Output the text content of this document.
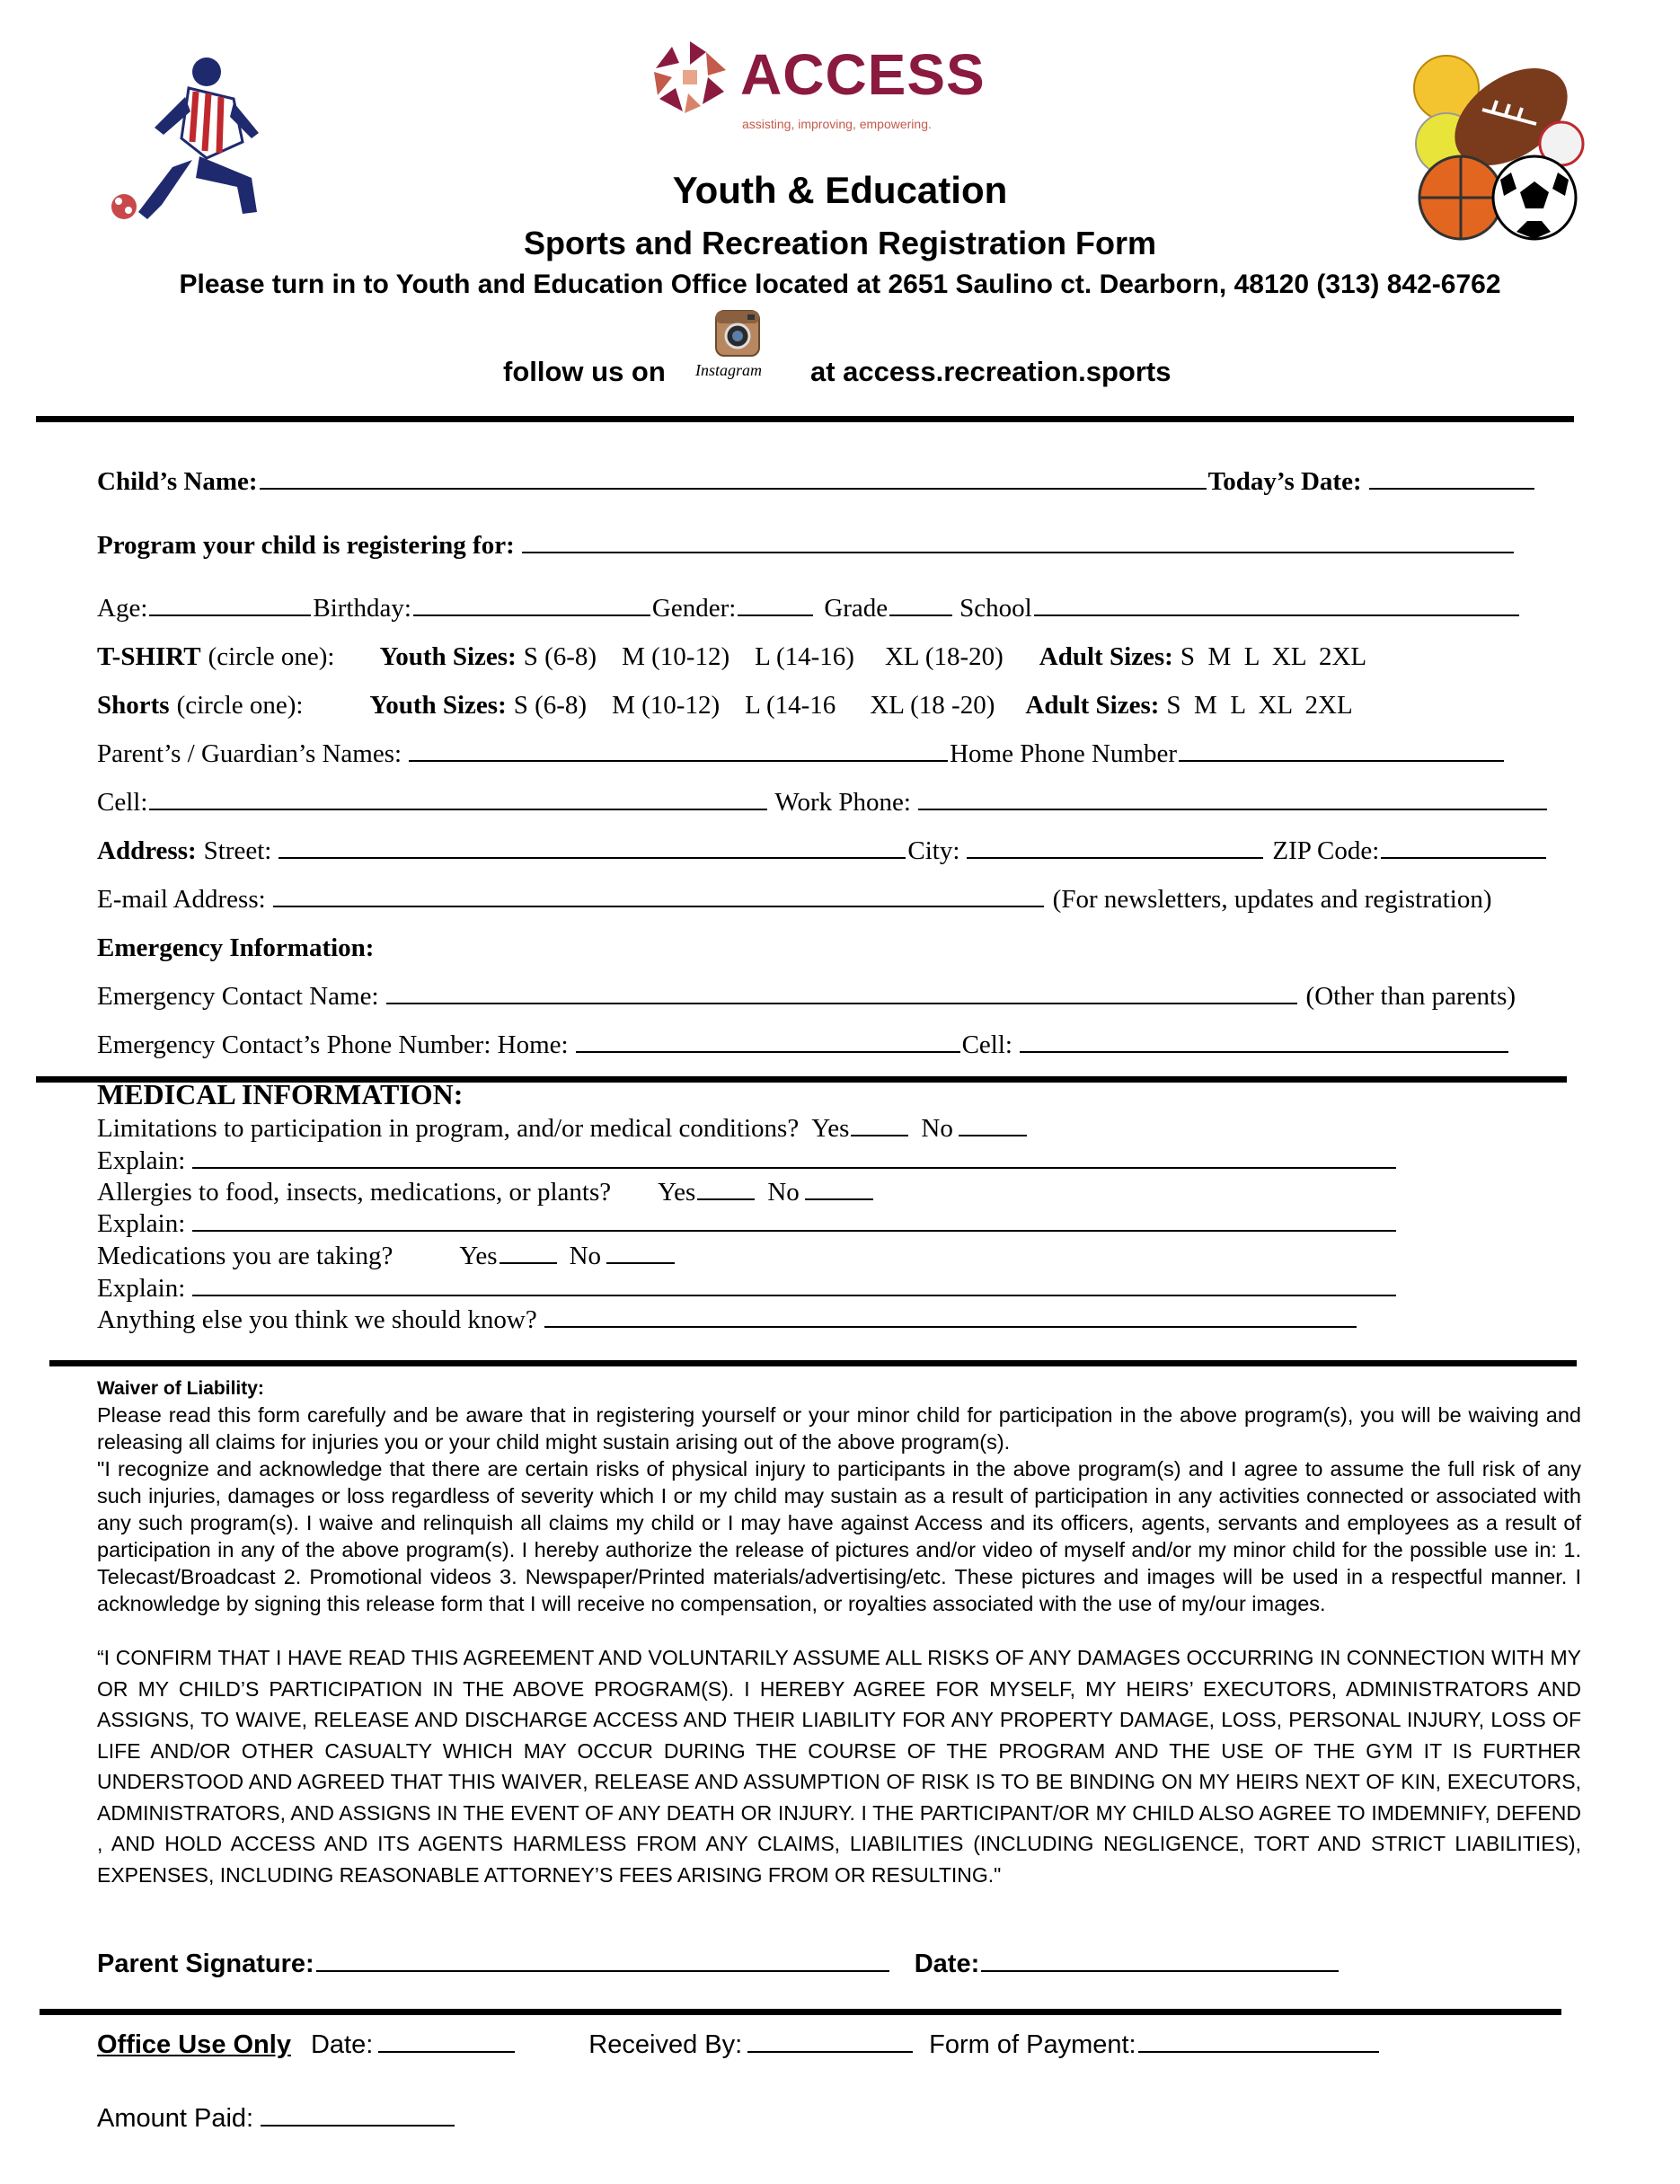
ACCESS
assisting, improving, empowering.
Youth & Education
Sports and Recreation Registration Form
Please turn in to Youth and Education Office located at 2651 Saulino ct. Dearborn, 48120 (313) 842-6762
follow us on Instagram at access.recreation.sports
Child’s Name:	Today’s Date:
Program your child is registering for:
Age:	Birthday:	Gender:	Grade	School
T-SHIRT (circle one): Youth Sizes: S (6-8) M (10-12) L (14-16) XL (18-20) Adult Sizes: S  M  L  XL  2XL
Shorts (circle one):	Youth Sizes: S (6-8) M (10-12) L (14-16 XL (18 -20) Adult Sizes: S  M  L  XL  2XL
Parent’s / Guardian’s Names:	Home Phone Number
Cell:	Work Phone:
Address: Street:	City:	ZIP Code:
E-mail Address:	(For newsletters, updates and registration)
Emergency Information:
Emergency Contact Name:	(Other than parents)
Emergency Contact’s Phone Number: Home:	Cell:
MEDICAL INFORMATION:
Limitations to participation in program, and/or medical conditions? Yes	No
Explain:
Allergies to food, insects, medications, or plants? Yes	No
Explain:
Medications you are taking?	Yes	No
Explain:
Anything else you think we should know?
Waiver of Liability:
Please read this form carefully and be aware that in registering yourself or your minor child for participation in the above program(s), you will be waiving and releasing all claims for injuries you or your child might sustain arising out of the above program(s).
"I recognize and acknowledge that there are certain risks of physical injury to participants in the above program(s) and I agree to assume the full risk of any such injuries, damages or loss regardless of severity which I or my child may sustain as a result of participation in any activities connected or associated with any such program(s). I waive and relinquish all claims my child or I may have against Access and its officers, agents, servants and employees as a result of participation in any of the above program(s). I hereby authorize the release of pictures and/or video of myself and/or my minor child for the possible use in: 1. Telecast/Broadcast 2. Promotional videos 3. Newspaper/Printed materials/advertising/etc. These pictures and images will be used in a respectful manner. I acknowledge by signing this release form that I will receive no compensation, or royalties associated with the use of my/our images.
“I CONFIRM THAT I HAVE READ THIS AGREEMENT AND VOLUNTARILY ASSUME ALL RISKS OF ANY DAMAGES OCCURRING IN CONNECTION WITH MY OR MY CHILD’S PARTICIPATION IN THE ABOVE PROGRAM(S). I HEREBY AGREE FOR MYSELF, MY HEIRS’ EXECUTORS, ADMINISTRATORS AND ASSIGNS, TO WAIVE, RELEASE AND DISCHARGE ACCESS AND THEIR LIABILITY FOR ANY PROPERTY DAMAGE, LOSS, PERSONAL INJURY, LOSS OF LIFE AND/OR OTHER CASUALTY WHICH MAY OCCUR DURING THE COURSE OF THE PROGRAM AND THE USE OF THE GYM IT IS FURTHER UNDERSTOOD AND AGREED THAT THIS WAIVER, RELEASE AND ASSUMPTION OF RISK IS TO BE BINDING ON MY HEIRS NEXT OF KIN, EXECUTORS, ADMINISTRATORS, AND ASSIGNS IN THE EVENT OF ANY DEATH OR INJURY. I THE PARTICIPANT/OR MY CHILD ALSO AGREE TO IMDEMNIFY, DEFEND , AND HOLD ACCESS AND ITS AGENTS HARMLESS FROM ANY CLAIMS, LIABILITIES (INCLUDING NEGLIGENCE, TORT AND STRICT LIABILITIES), EXPENSES, INCLUDING REASONABLE ATTORNEY’S FEES ARISING FROM OR RESULTING."
Parent Signature:	Date:
Office Use Only Date:	Received By:	Form of Payment:
Amount Paid:
